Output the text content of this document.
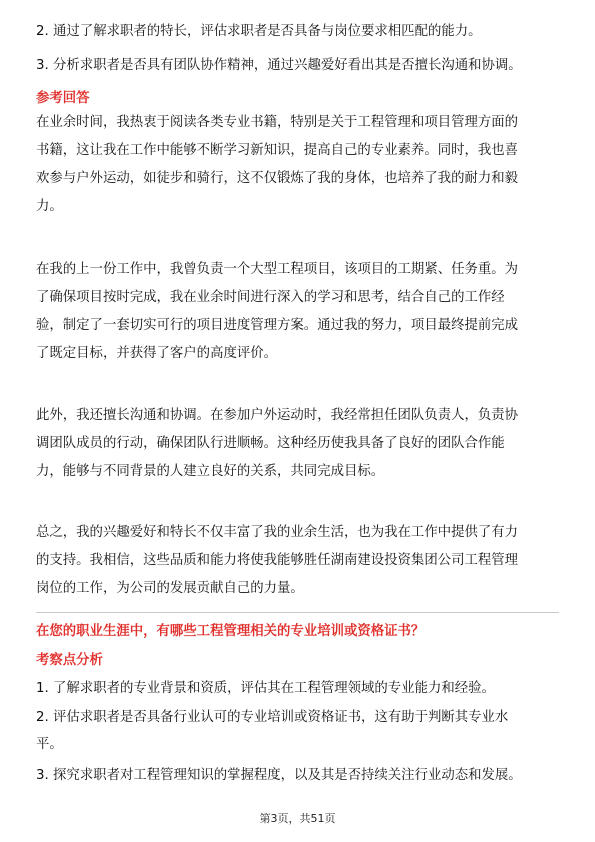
2. 通过了解求职者的特长，评估求职者是否具备与岗位要求相匹配的能力。
3. 分析求职者是否具有团队协作精神，通过兴趣爱好看出其是否擅长沟通和协调。
参考回答
在业余时间，我热衷于阅读各类专业书籍，特别是关于工程管理和项目管理方面的
书籍，这让我在工作中能够不断学习新知识，提高自己的专业素养。同时，我也喜
欢参与户外运动，如徒步和骑行，这不仅锻炼了我的身体，也培养了我的耐力和毅
力。
在我的上一份工作中，我曾负责一个大型工程项目，该项目的工期紧、任务重。为
了确保项目按时完成，我在业余时间进行深入的学习和思考，结合自己的工作经
验，制定了一套切实可行的项目进度管理方案。通过我的努力，项目最终提前完成
了既定目标，并获得了客户的高度评价。
此外，我还擅长沟通和协调。在参加户外运动时，我经常担任团队负责人，负责协
调团队成员的行动，确保团队行进顺畅。这种经历使我具备了良好的团队合作能
力，能够与不同背景的人建立良好的关系，共同完成目标。
总之，我的兴趣爱好和特长不仅丰富了我的业余生活，也为我在工作中提供了有力
的支持。我相信，这些品质和能力将使我能够胜任湖南建设投资集团公司工程管理
岗位的工作，为公司的发展贡献自己的力量。
在您的职业生涯中，有哪些工程管理相关的专业培训或资格证书？
考察点分析
1. 了解求职者的专业背景和资质，评估其在工程管理领域的专业能力和经验。
2. 评估求职者是否具备行业认可的专业培训或资格证书，这有助于判断其专业水
平。
3. 探究求职者对工程管理知识的掌握程度，以及其是否持续关注行业动态和发展。
第3页，共51页
